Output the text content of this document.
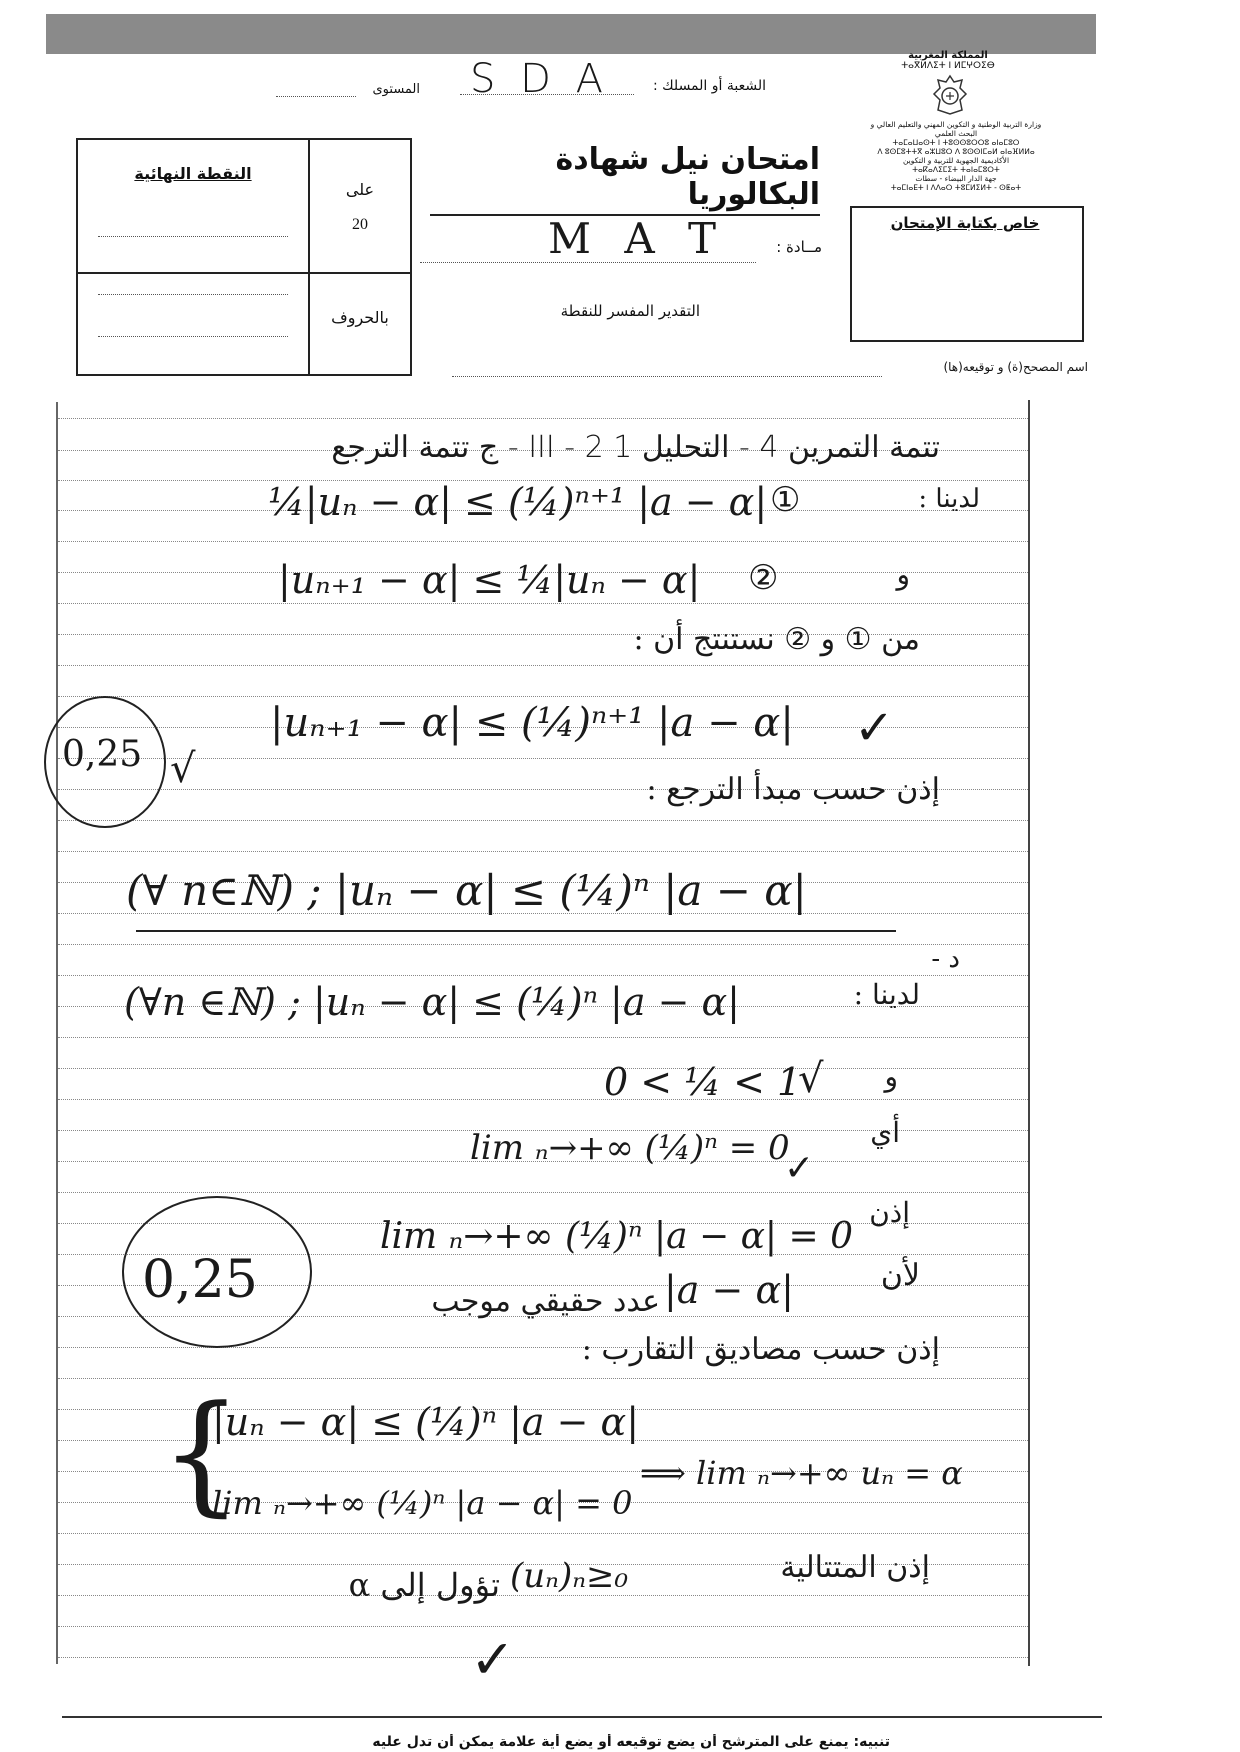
المملكة المغربية
ⵜⴰⴳⵍⴷⵉⵜ ⵏ ⵍⵎⵖⵔⵉⴱ
وزارة التربية الوطنية و التكوين المهني والتعليم العالي و البحث العلمي
ⵜⴰⵎⴰⵡⴰⵙⵜ ⵏ ⵜⵓⵙⵙⵓⵔⵔⵓ ⴰⵏⴰⵎⵓⵔ
ⴷ ⵓⵙⵎⵓⵜⵜⴳ ⴰⵣⵡⵓⵔ ⴷ ⵓⵙⵙⵏⵎⴰⵍ ⴰⵏⴰⴼⵍⵍⴰ
الأكاديمية الجهوية للتربية و التكوين
ⵜⴰⴽⴰⴷⵉⵎⵉⵜ ⵜⴰⵏⴰⵎⵓⵔⵜ
جهة الدار البيضاء - سطات
ⵜⴰⵎⵏⴰⴹⵜ ⵏ ⴷⴷⴰⵔ ⵜⵓⵎⵍⵉⵍⵜ - ⵙⵟⴰⵜ
الشعبة أو المسلك :
S D A
المستوى
امتحان نيل شهادة البكالوريا
مــادة :
M A T
التقدير المفسر للنقطة
النقطة النهائية
على
20
بالحروف
خاص بكتابة الإمتحان
اسم المصحح(ة) و توقيعه(ها)
تتمة التمرين 4 - التحليل 1 III - 2 - ج تتمة الترجع
لدينا :
¼|uₙ − α| ≤ (¼)ⁿ⁺¹ |a − α| ①
و
|uₙ₊₁ − α| ≤ ¼|uₙ − α| ②
من ① و ② نستنتج أن :
|uₙ₊₁ − α| ≤ (¼)ⁿ⁺¹ |a − α| ✓
0,25 √	إذن حسب مبدأ الترجع :
(∀ n∈ℕ) ; |uₙ − α| ≤ (¼)ⁿ |a − α|
د -
لدينا :
(∀n ∈ℕ) ; |uₙ − α| ≤ (¼)ⁿ |a − α|
و
0 < ¼ < 1
√
أي
lim ₙ→+∞ (¼)ⁿ = 0
✓
إذن
lim ₙ→+∞ (¼)ⁿ |a − α| = 0
0,25	لأن
|a − α|
عدد حقيقي موجب
إذن حسب مصاديق التقارب :
{
|uₙ − α| ≤ (¼)ⁿ |a − α|
lim ₙ→+∞ (¼)ⁿ |a − α| = 0
⟹ lim ₙ→+∞ uₙ = α
إذن المتتالية
(uₙ)ₙ≥₀
تؤول إلى α
✓
تنبيه: يمنع على المترشح أن يضع توقيعه أو يضع أية علامة يمكن أن تدل عليه
